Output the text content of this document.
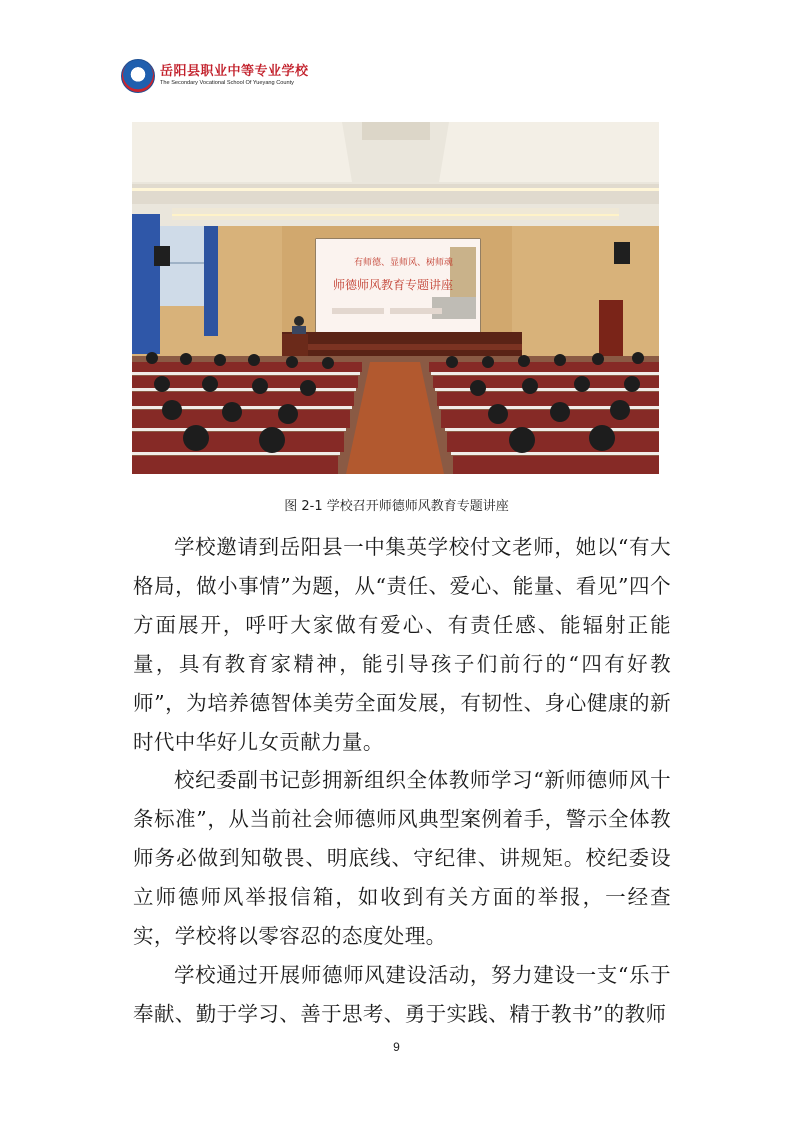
岳阳县职业中等专业学校
The Secondary Vocational School Of Yueyang County
有师德、显师风、树师魂
师德师风教育专题讲座
图 2-1 学校召开师德师风教育专题讲座

学校邀请到岳阳县一中集英学校付文老师，她以“有大格局，做小事情”为题，从“责任、爱心、能量、看见”四个方面展开，呼吁大家做有爱心、有责任感、能辐射正能量，具有教育家精神，能引导孩子们前行的“四有好教师”，为培养德智体美劳全面发展，有韧性、身心健康的新时代中华好儿女贡献力量。

校纪委副书记彭拥新组织全体教师学习“新师德师风十条标准”，从当前社会师德师风典型案例着手，警示全体教师务必做到知敬畏、明底线、守纪律、讲规矩。校纪委设立师德师风举报信箱，如收到有关方面的举报，一经查实，学校将以零容忍的态度处理。

学校通过开展师德师风建设活动，努力建设一支“乐于奉献、勤于学习、善于思考、勇于实践、精于教书”的教师

9
